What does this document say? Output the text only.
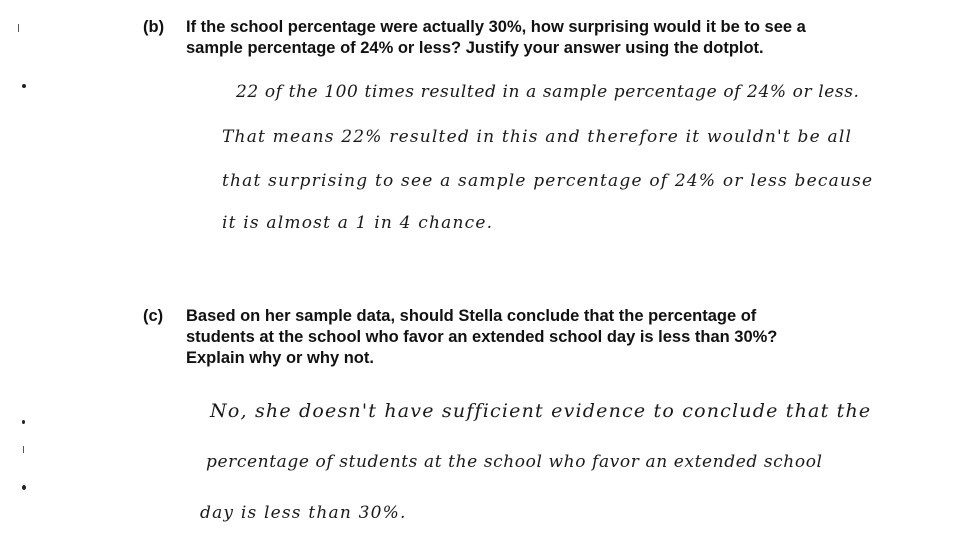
(b)	If the school percentage were actually 30%, how surprising would it be to see a
sample percentage of 24% or less? Justify your answer using the dotplot.
22 of the 100 times resulted in a sample percentage of 24% or less.
That means 22% resulted in this and therefore it wouldn't be all
that surprising to see a sample percentage of 24% or less because
it is almost a 1 in 4 chance.
(c)	Based on her sample data, should Stella conclude that the percentage of
students at the school who favor an extended school day is less than 30%?
Explain why or why not.
No, she doesn't have sufficient evidence to conclude that the
percentage of students at the school who favor an extended school
day is less than 30%.
